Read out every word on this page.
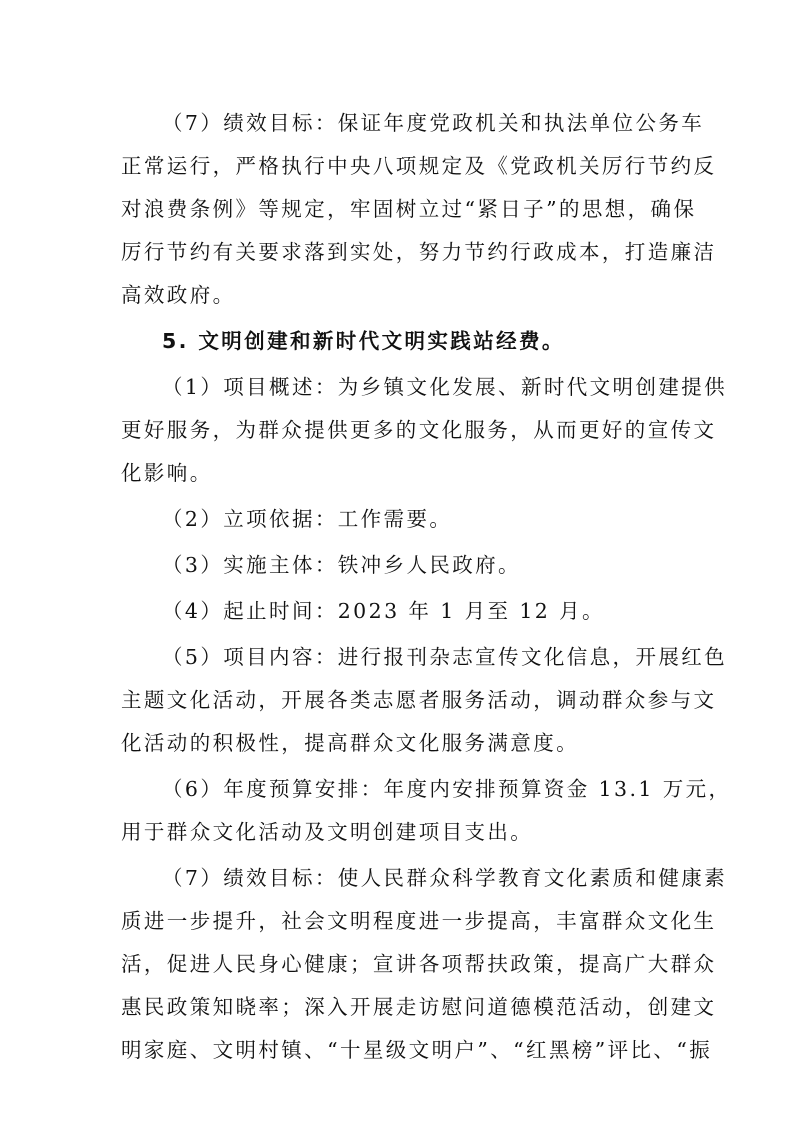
（7）绩效目标：保证年度党政机关和执法单位公务车
正常运行，严格执行中央八项规定及《党政机关厉行节约反
对浪费条例》等规定，牢固树立过“紧日子”的思想，确保
厉行节约有关要求落到实处，努力节约行政成本，打造廉洁
高效政府。

5. 文明创建和新时代文明实践站经费。

（1）项目概述：为乡镇文化发展、新时代文明创建提供
更好服务，为群众提供更多的文化服务，从而更好的宣传文
化影响。

（2）立项依据：工作需要。

（3）实施主体：铁冲乡人民政府。

（4）起止时间：2023 年 1 月至 12 月。

（5）项目内容：进行报刊杂志宣传文化信息，开展红色
主题文化活动，开展各类志愿者服务活动，调动群众参与文
化活动的积极性，提高群众文化服务满意度。

（6）年度预算安排：年度内安排预算资金 13.1 万元，
用于群众文化活动及文明创建项目支出。

（7）绩效目标：使人民群众科学教育文化素质和健康素
质进一步提升，社会文明程度进一步提高，丰富群众文化生
活，促进人民身心健康；宣讲各项帮扶政策，提高广大群众
惠民政策知晓率；深入开展走访慰问道德模范活动，创建文
明家庭、文明村镇、“十星级文明户”、“红黑榜”评比、“振
